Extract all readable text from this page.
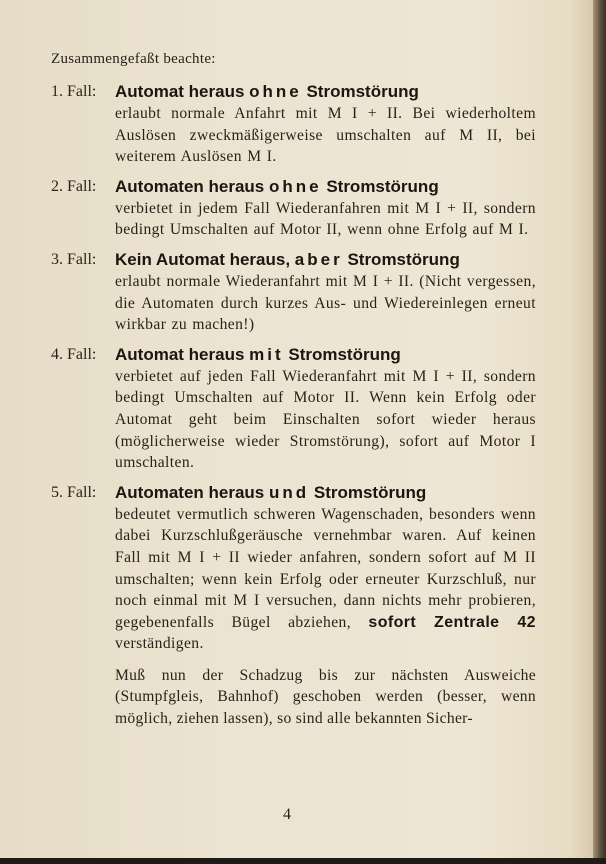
Zusammengefaßt beachte:
1. Fall:	Automat heraus ohne Stromstörung
erlaubt normale Anfahrt mit M I + II. Bei wiederholtem Auslösen zweckmäßigerweise umschalten auf M II, bei weiterem Auslösen M I.
2. Fall:	Automaten heraus ohne Stromstörung
verbietet in jedem Fall Wiederanfahren mit M I + II, sondern bedingt Umschalten auf Motor II, wenn ohne Erfolg auf M I.
3. Fall:	Kein Automat heraus, aber Stromstörung
erlaubt normale Wiederanfahrt mit M I + II. (Nicht vergessen, die Automaten durch kurzes Aus- und Wiedereinlegen erneut wirkbar zu machen!)
4. Fall:	Automat heraus mit Stromstörung
verbietet auf jeden Fall Wiederanfahrt mit M I + II, sondern bedingt Umschalten auf Motor II. Wenn kein Erfolg oder Automat geht beim Einschalten sofort wieder heraus (möglicherweise wieder Stromstörung), sofort auf Motor I umschalten.
5. Fall:	Automaten heraus und Stromstörung
bedeutet vermutlich schweren Wagenschaden, besonders wenn dabei Kurzschlußgeräusche vernehmbar waren. Auf keinen Fall mit M I + II wieder anfahren, sondern sofort auf M II umschalten; wenn kein Erfolg oder erneuter Kurzschluß, nur noch einmal mit M I versuchen, dann nichts mehr probieren, gegebenenfalls Bügel abziehen, sofort Zentrale 42 verständigen.
Muß nun der Schadzug bis zur nächsten Ausweiche (Stumpfgleis, Bahnhof) geschoben werden (besser, wenn möglich, ziehen lassen), so sind alle bekannten Sicher-
4
